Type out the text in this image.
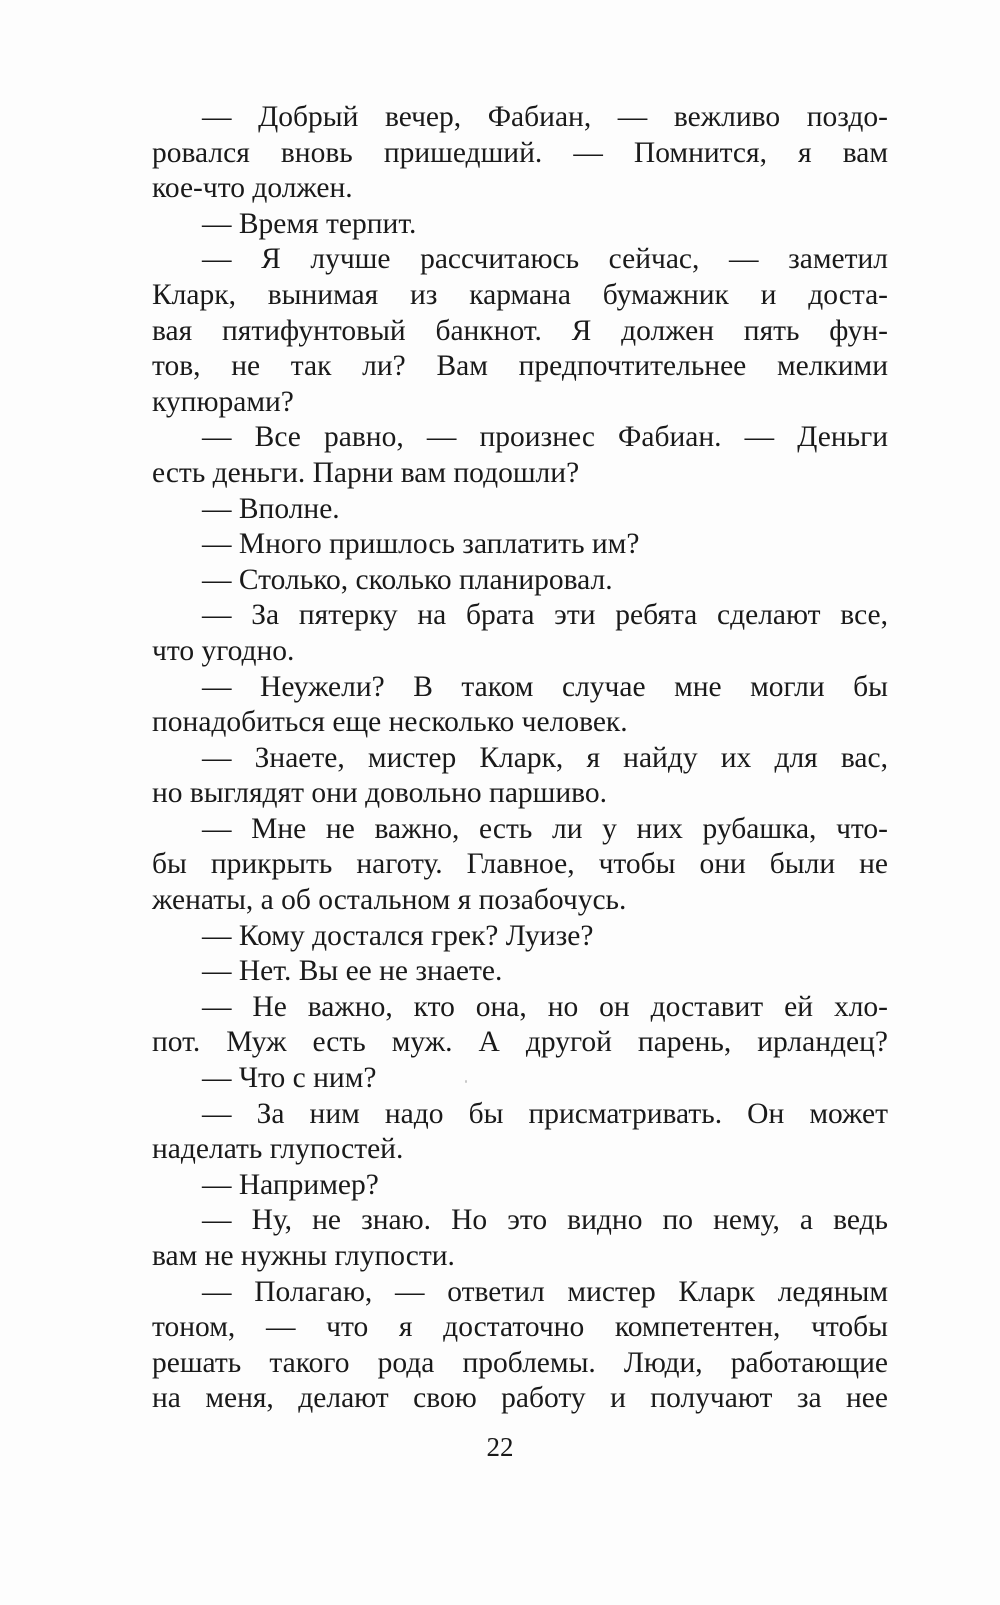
— Добрый вечер, Фабиан, — вежливо поздо-
ровался вновь пришедший. — Помнится, я вам
кое-что должен.
— Время терпит.
— Я лучше рассчитаюсь сейчас, — заметил
Кларк, вынимая из кармана бумажник и доста-
вая пятифунтовый банкнот. Я должен пять фун-
тов, не так ли? Вам предпочтительнее мелкими
купюрами?
— Все равно, — произнес Фабиан. — Деньги
есть деньги. Парни вам подошли?
— Вполне.
— Много пришлось заплатить им?
— Столько, сколько планировал.
— За пятерку на брата эти ребята сделают все,
что угодно.
— Неужели? В таком случае мне могли бы
понадобиться еще несколько человек.
— Знаете, мистер Кларк, я найду их для вас,
но выглядят они довольно паршиво.
— Мне не важно, есть ли у них рубашка, что-
бы прикрыть наготу. Главное, чтобы они были не
женаты, а об остальном я позабочусь.
— Кому достался грек? Луизе?
— Нет. Вы ее не знаете.
— Не важно, кто она, но он доставит ей хло-
пот. Муж есть муж. А другой парень, ирландец?
— Что с ним?
— За ним надо бы присматривать. Он может
наделать глупостей.
— Например?
— Ну, не знаю. Но это видно по нему, а ведь
вам не нужны глупости.
— Полагаю, — ответил мистер Кларк ледяным
тоном, — что я достаточно компетентен, чтобы
решать такого рода проблемы. Люди, работающие
на меня, делают свою работу и получают за нее
22
